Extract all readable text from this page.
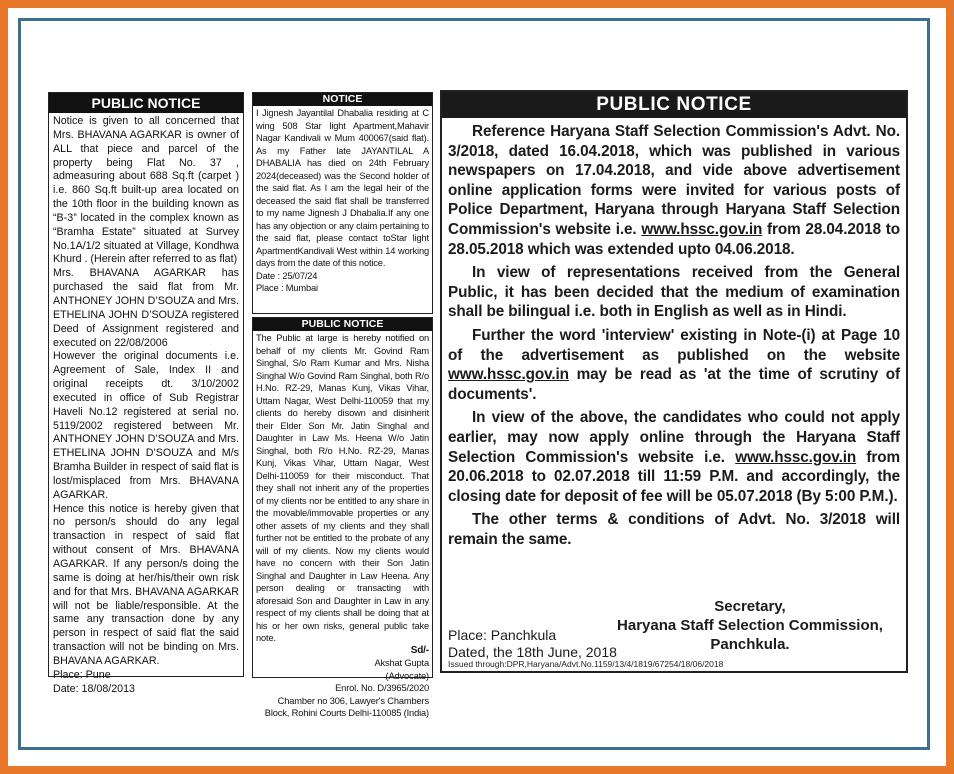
PUBLIC NOTICE

Notice is given to all concerned that Mrs. BHAVANA AGARKAR is owner of ALL that piece and parcel of the property being Flat No. 37 , admeasuring about 688 Sq.ft (carpet ) i.e. 860 Sq.ft built-up area located on the 10th floor in the building known as “B-3” located in the complex known as “Bramha Estate” situated at Survey No.1A/1/2 situated at Village, Kondhwa Khurd . (Herein after referred to as flat)

Mrs. BHAVANA AGARKAR has purchased the said flat from Mr. ANTHONEY JOHN D’SOUZA and Mrs. ETHELINA JOHN D’SOUZA registered Deed of Assignment registered and executed on 22/08/2006

However the original documents i.e. Agreement of Sale, Index II and original receipts dt. 3/10/2002 executed in office of Sub Registrar Haveli No.12 registered at serial no. 5119/2002 registered between Mr. ANTHONEY JOHN D’SOUZA and Mrs. ETHELINA JOHN D’SOUZA and M/s Bramha Builder in respect of said flat is lost/misplaced from Mrs. BHAVANA AGARKAR.

Hence this notice is hereby given that no person/s should do any legal transaction in respect of said flat without consent of Mrs. BHAVANA AGARKAR. If any person/s doing the same is doing at her/his/their own risk and for that Mrs. BHAVANA AGARKAR will not be liable/responsible. At the same any transaction done by any person in respect of said flat the said transaction will not be binding on Mrs. BHAVANA AGARKAR.

Place: Pune

Date: 18/08/2013

NOTICE

I Jignesh Jayantilal Dhabalia residing at C wing 508 Star light Apartment,Mahavir Nagar Kandivali w Mum 400067(said flat). As my Father late JAYANTILAL A DHABALIA has died on 24th February 2024(deceased) was the Second holder of the said flat. As I am the legal heir of the deceased the said flat shall be transferred to my name Jignesh J Dhabalia.If any one has any objection or any claim pertaining to the said flat, please contact toStar light ApartmentKandivali West within 14 working days from the date of this notice.

Date : 25/07/24

Place : Mumbai

PUBLIC NOTICE

The Public at large is hereby notified on behalf of my clients Mr. Govind Ram Singhal, S/o Ram Kumar and Mrs. Nisha Singhal W/o Govind Ram Singhal, both R/o H.No. RZ-29, Manas Kunj, Vikas Vihar, Uttam Nagar, West Delhi-110059 that my clients do hereby disown and disinherit their Elder Son Mr. Jatin Singhal and Daughter in Law Ms. Heena W/o Jatin Singhal, both R/o H.No. RZ-29, Manas Kunj, Vikas Vihar, Uttam Nagar, West Delhi-110059 for their misconduct. That they shall not inherit any of the properties of my clients nor be entitled to any share in the movable/immovable properties or any other assets of my clients and they shall further not be entitled to the probate of any will of my clients. Now my clients would have no concern with their Son Jatin Singhal and Daughter in Law Heena. Any person dealing or transacting with aforesaid Son and Daughter in Law in any respect of my clients shall be doing that at his or her own risks, general public take note.

Sd/-

Akshat Gupta

(Advocate)

Enrol. No. D/3965/2020

Chamber no 306, Lawyer's Chambers

Block, Rohini Courts Delhi-110085 (India)

PUBLIC NOTICE

Reference Haryana Staff Selection Commission's Advt. No. 3/2018, dated 16.04.2018, which was published in various newspapers on 17.04.2018, and vide above advertisement online application forms were invited for various posts of Police Department, Haryana through Haryana Staff Selection Commission's website i.e. www.hssc.gov.in from 28.04.2018 to 28.05.2018 which was extended upto 04.06.2018.

In view of representations received from the General Public, it has been decided that the medium of examination shall be bilingual i.e. both in English as well as in Hindi.

Further the word 'interview' existing in Note-(i) at Page 10 of the advertisement as published on the website www.hssc.gov.in may be read as 'at the time of scrutiny of documents'.

In view of the above, the candidates who could not apply earlier, may now apply online through the Haryana Staff Selection Commission's website i.e. www.hssc.gov.in from 20.06.2018 to 02.07.2018 till 11:59 P.M. and accordingly, the closing date for deposit of fee will be 05.07.2018 (By 5:00 P.M.).

The other terms & conditions of Advt. No. 3/2018 will remain the same.

Secretary,
Haryana Staff Selection Commission,
Panchkula.
Place: Panchkula
Dated, the 18th June, 2018
Issued through:DPR,Haryana/Advt.No.1159/13/4/1819/67254/18/06/2018
